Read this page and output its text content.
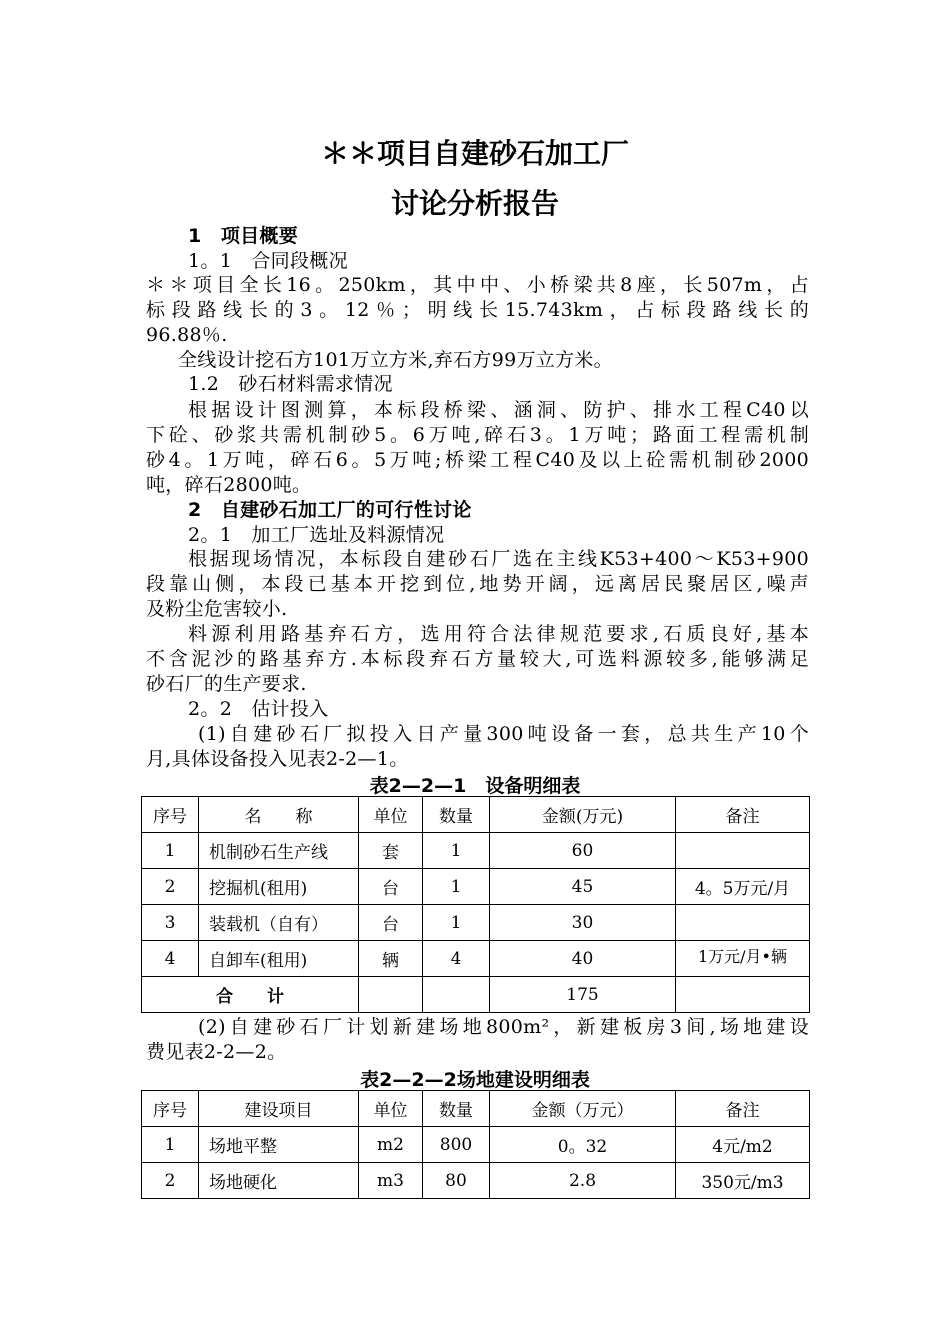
＊＊项目自建砂石加工厂
讨论分析报告
1　项目概要
1。1　合同段概况
＊＊项目全长16。250km，其中中、小桥梁共8座，长507m，占
标段路线长的3。12％；明线长15.743km，占标段路线长的
96.88％.
全线设计挖石方101万立方米,弃石方99万立方米。
1.2　砂石材料需求情况
根据设计图测算，本标段桥梁、涵洞、防护、排水工程C40以
下砼、砂浆共需机制砂5。6万吨,碎石3。1万吨；路面工程需机制
砂4。1万吨，碎石6。5万吨;桥梁工程C40及以上砼需机制砂2000
吨，碎石2800吨。
2　自建砂石加工厂的可行性讨论
2。1　加工厂选址及料源情况
根据现场情况，本标段自建砂石厂选在主线K53+400～K53+900
段靠山侧，本段已基本开挖到位,地势开阔，远离居民聚居区,噪声
及粉尘危害较小.
料源利用路基弃石方，选用符合法律规范要求,石质良好,基本
不含泥沙的路基弃方.本标段弃石方量较大,可选料源较多,能够满足
砂石厂的生产要求.
2。2　估计投入
(1)自建砂石厂拟投入日产量300吨设备一套，总共生产10个
月,具体设备投入见表2-2—1。
表2—2—1　设备明细表
序号	名　　称	单位	数量	金额(万元)	备注
1	机制砂石生产线	套	1	60	
2	挖掘机(租用)	台	1	45	4。5万元/月
3	装载机（自有）	台	1	30	
4	自卸车(租用)	辆	4	40	1万元/月•辆

合　　计				175	
(2)自建砂石厂计划新建场地800m²，新建板房3间,场地建设
费见表2-2—2。
表2—2—2场地建设明细表
序号	建设项目	单位	数量	金额（万元）	备注
1	场地平整	m2	800	0。32	4元/m2
2	场地硬化	m3	80	2.8	350元/m3
